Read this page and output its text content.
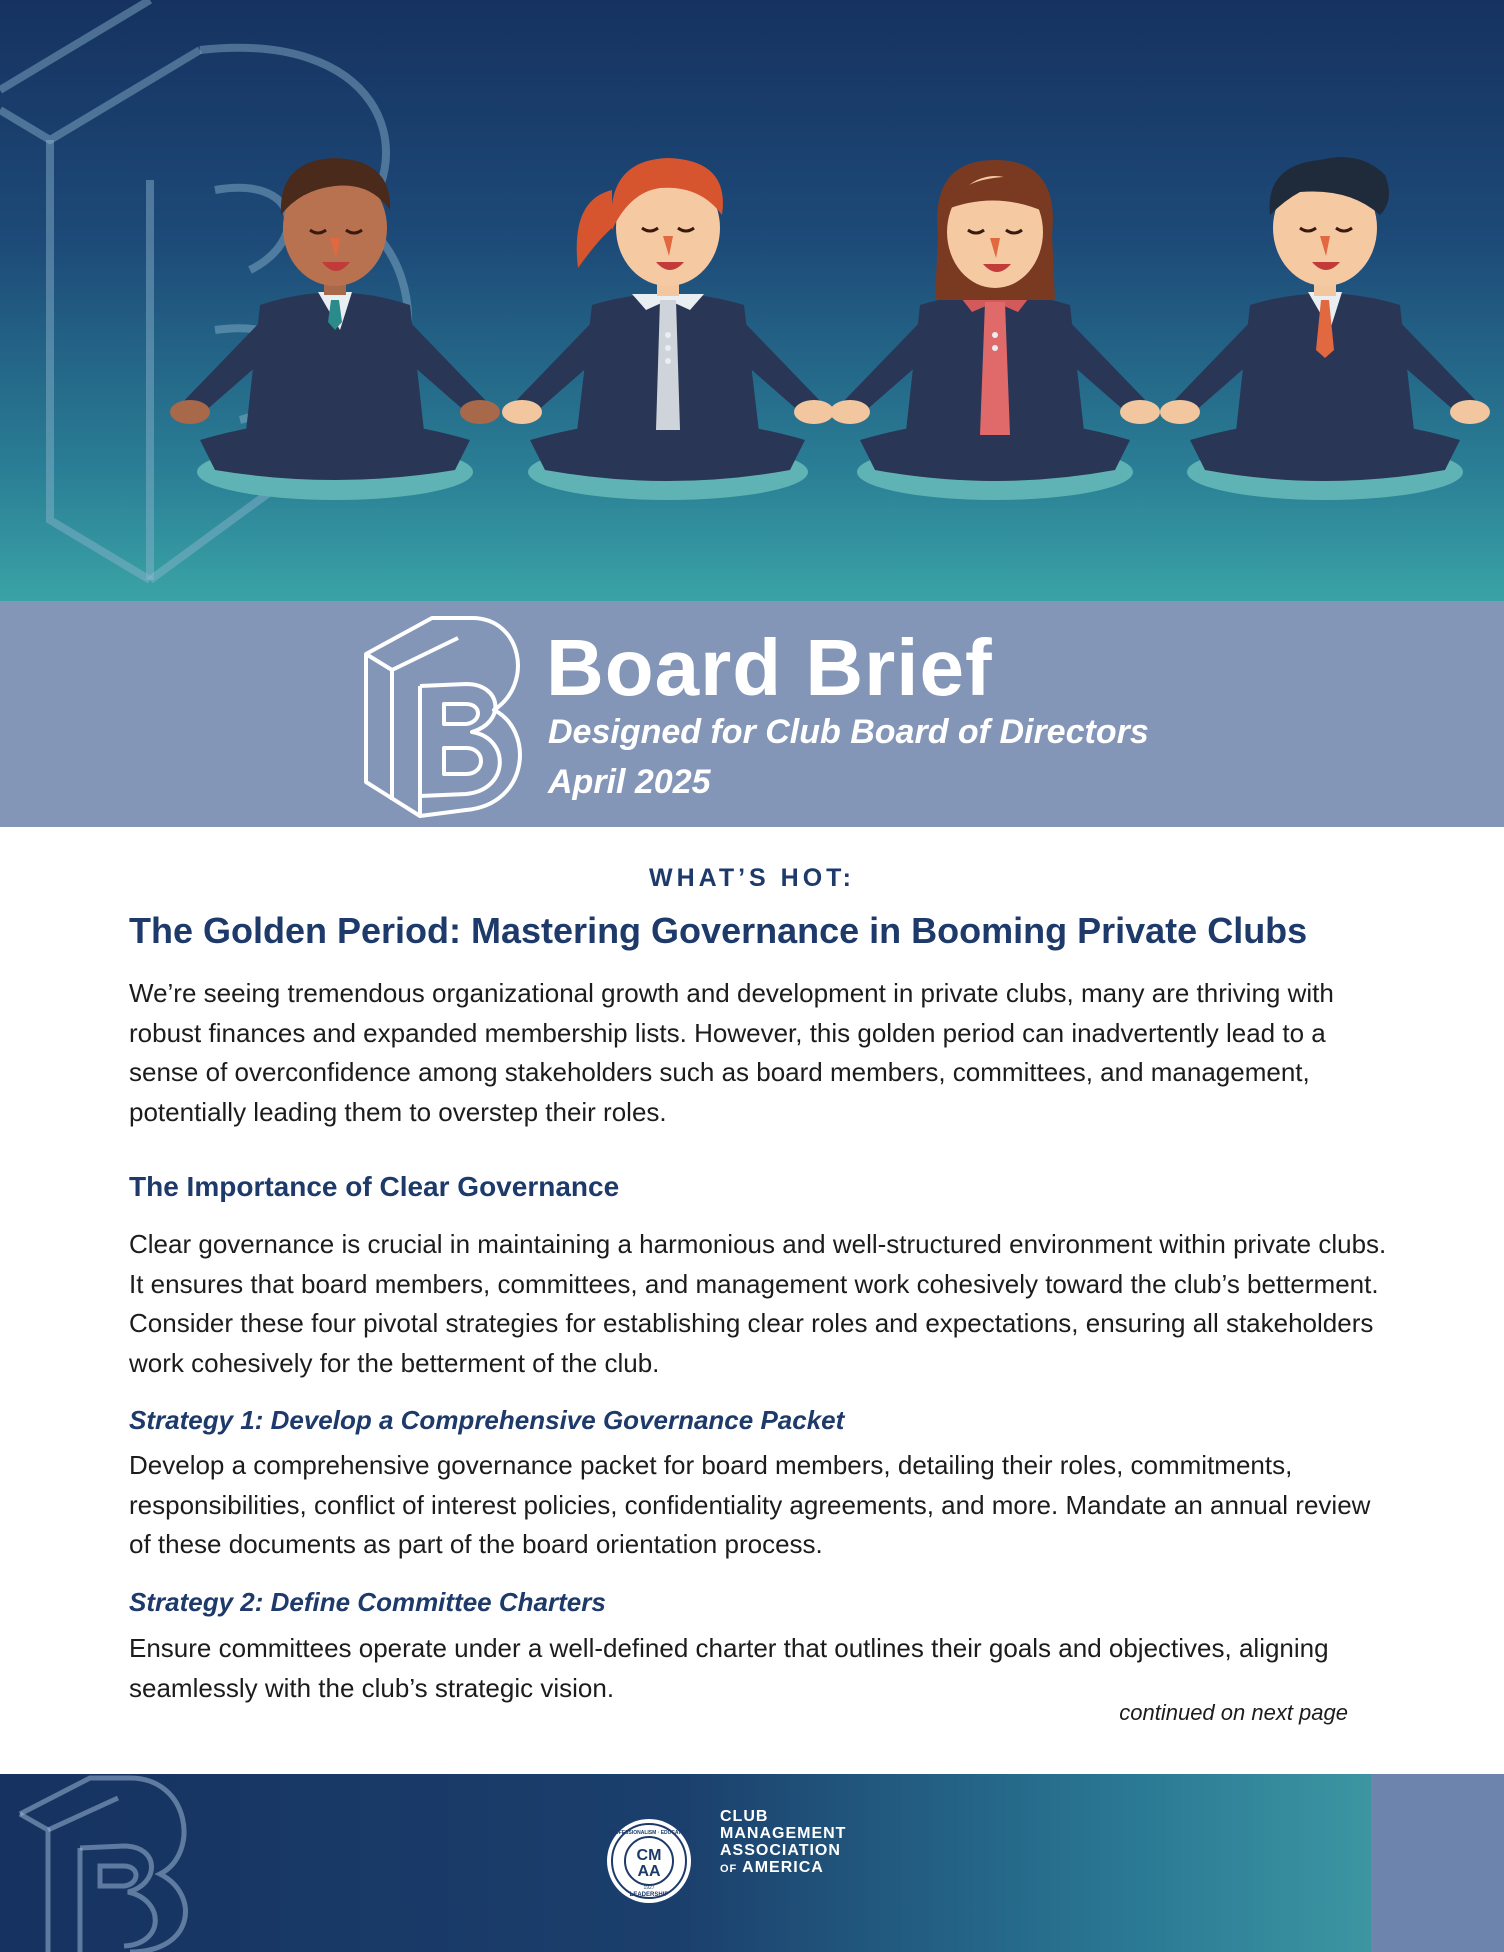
Board Brief
Designed for Club Board of Directors
April 2025
WHAT’S HOT:
The Golden Period: Mastering Governance in Booming Private Clubs
We’re seeing tremendous organizational growth and development in private clubs, many are thriving with robust finances and expanded membership lists. However, this golden period can inadvertently lead to a sense of overconfidence among stakeholders such as board members, committees, and management, potentially leading them to overstep their roles.
The Importance of Clear Governance
Clear governance is crucial in maintaining a harmonious and well-structured environment within private clubs. It ensures that board members, committees, and management work cohesively toward the club’s betterment. Consider these four pivotal strategies for establishing clear roles and expectations, ensuring all stakeholders work cohesively for the betterment of the club.
Strategy 1: Develop a Comprehensive Governance Packet
Develop a comprehensive governance packet for board members, detailing their roles, commitments, responsibilities, conflict of interest policies, confidentiality agreements, and more. Mandate an annual review of these documents as part of the board orientation process.
Strategy 2: Define Committee Charters
Ensure committees operate under a well-defined charter that outlines their goals and objectives, aligning seamlessly with the club’s strategic vision.
continued on next page
CM
AA
PROFESSIONALISM · EDUCATION
LEADERSHIP
1927
CLUB
MANAGEMENT
ASSOCIATION
OF AMERICA
